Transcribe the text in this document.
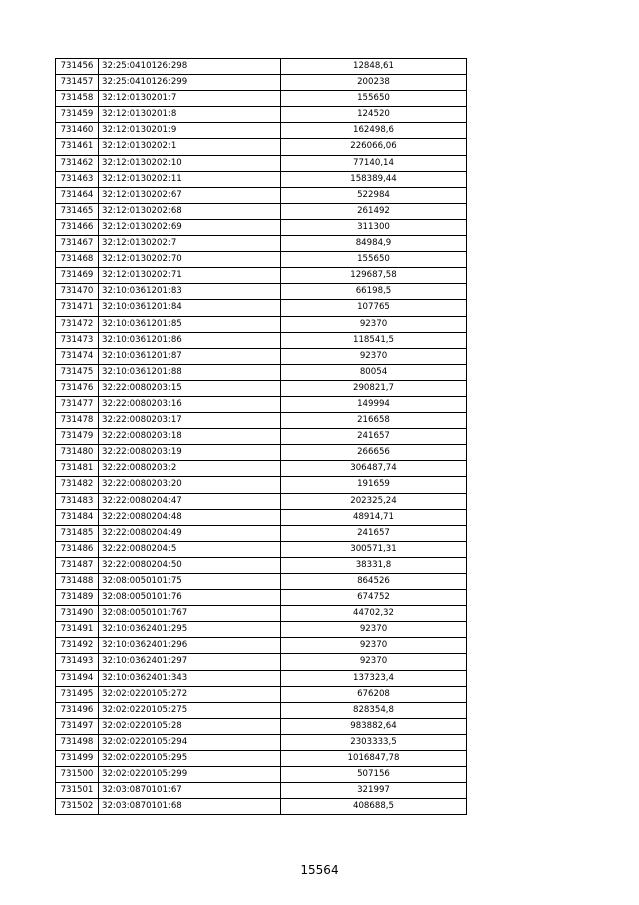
731456	32:25:0410126:298	12848,61
731457	32:25:0410126:299	200238
731458	32:12:0130201:7	155650
731459	32:12:0130201:8	124520
731460	32:12:0130201:9	162498,6
731461	32:12:0130202:1	226066,06
731462	32:12:0130202:10	77140,14
731463	32:12:0130202:11	158389,44
731464	32:12:0130202:67	522984
731465	32:12:0130202:68	261492
731466	32:12:0130202:69	311300
731467	32:12:0130202:7	84984,9
731468	32:12:0130202:70	155650
731469	32:12:0130202:71	129687,58
731470	32:10:0361201:83	66198,5
731471	32:10:0361201:84	107765
731472	32:10:0361201:85	92370
731473	32:10:0361201:86	118541,5
731474	32:10:0361201:87	92370
731475	32:10:0361201:88	80054
731476	32:22:0080203:15	290821,7
731477	32:22:0080203:16	149994
731478	32:22:0080203:17	216658
731479	32:22:0080203:18	241657
731480	32:22:0080203:19	266656
731481	32:22:0080203:2	306487,74
731482	32:22:0080203:20	191659
731483	32:22:0080204:47	202325,24
731484	32:22:0080204:48	48914,71
731485	32:22:0080204:49	241657
731486	32:22:0080204:5	300571,31
731487	32:22:0080204:50	38331,8
731488	32:08:0050101:75	864526
731489	32:08:0050101:76	674752
731490	32:08:0050101:767	44702,32
731491	32:10:0362401:295	92370
731492	32:10:0362401:296	92370
731493	32:10:0362401:297	92370
731494	32:10:0362401:343	137323,4
731495	32:02:0220105:272	676208
731496	32:02:0220105:275	828354,8
731497	32:02:0220105:28	983882,64
731498	32:02:0220105:294	2303333,5
731499	32:02:0220105:295	1016847,78
731500	32:02:0220105:299	507156
731501	32:03:0870101:67	321997
731502	32:03:0870101:68	408688,5
15564
